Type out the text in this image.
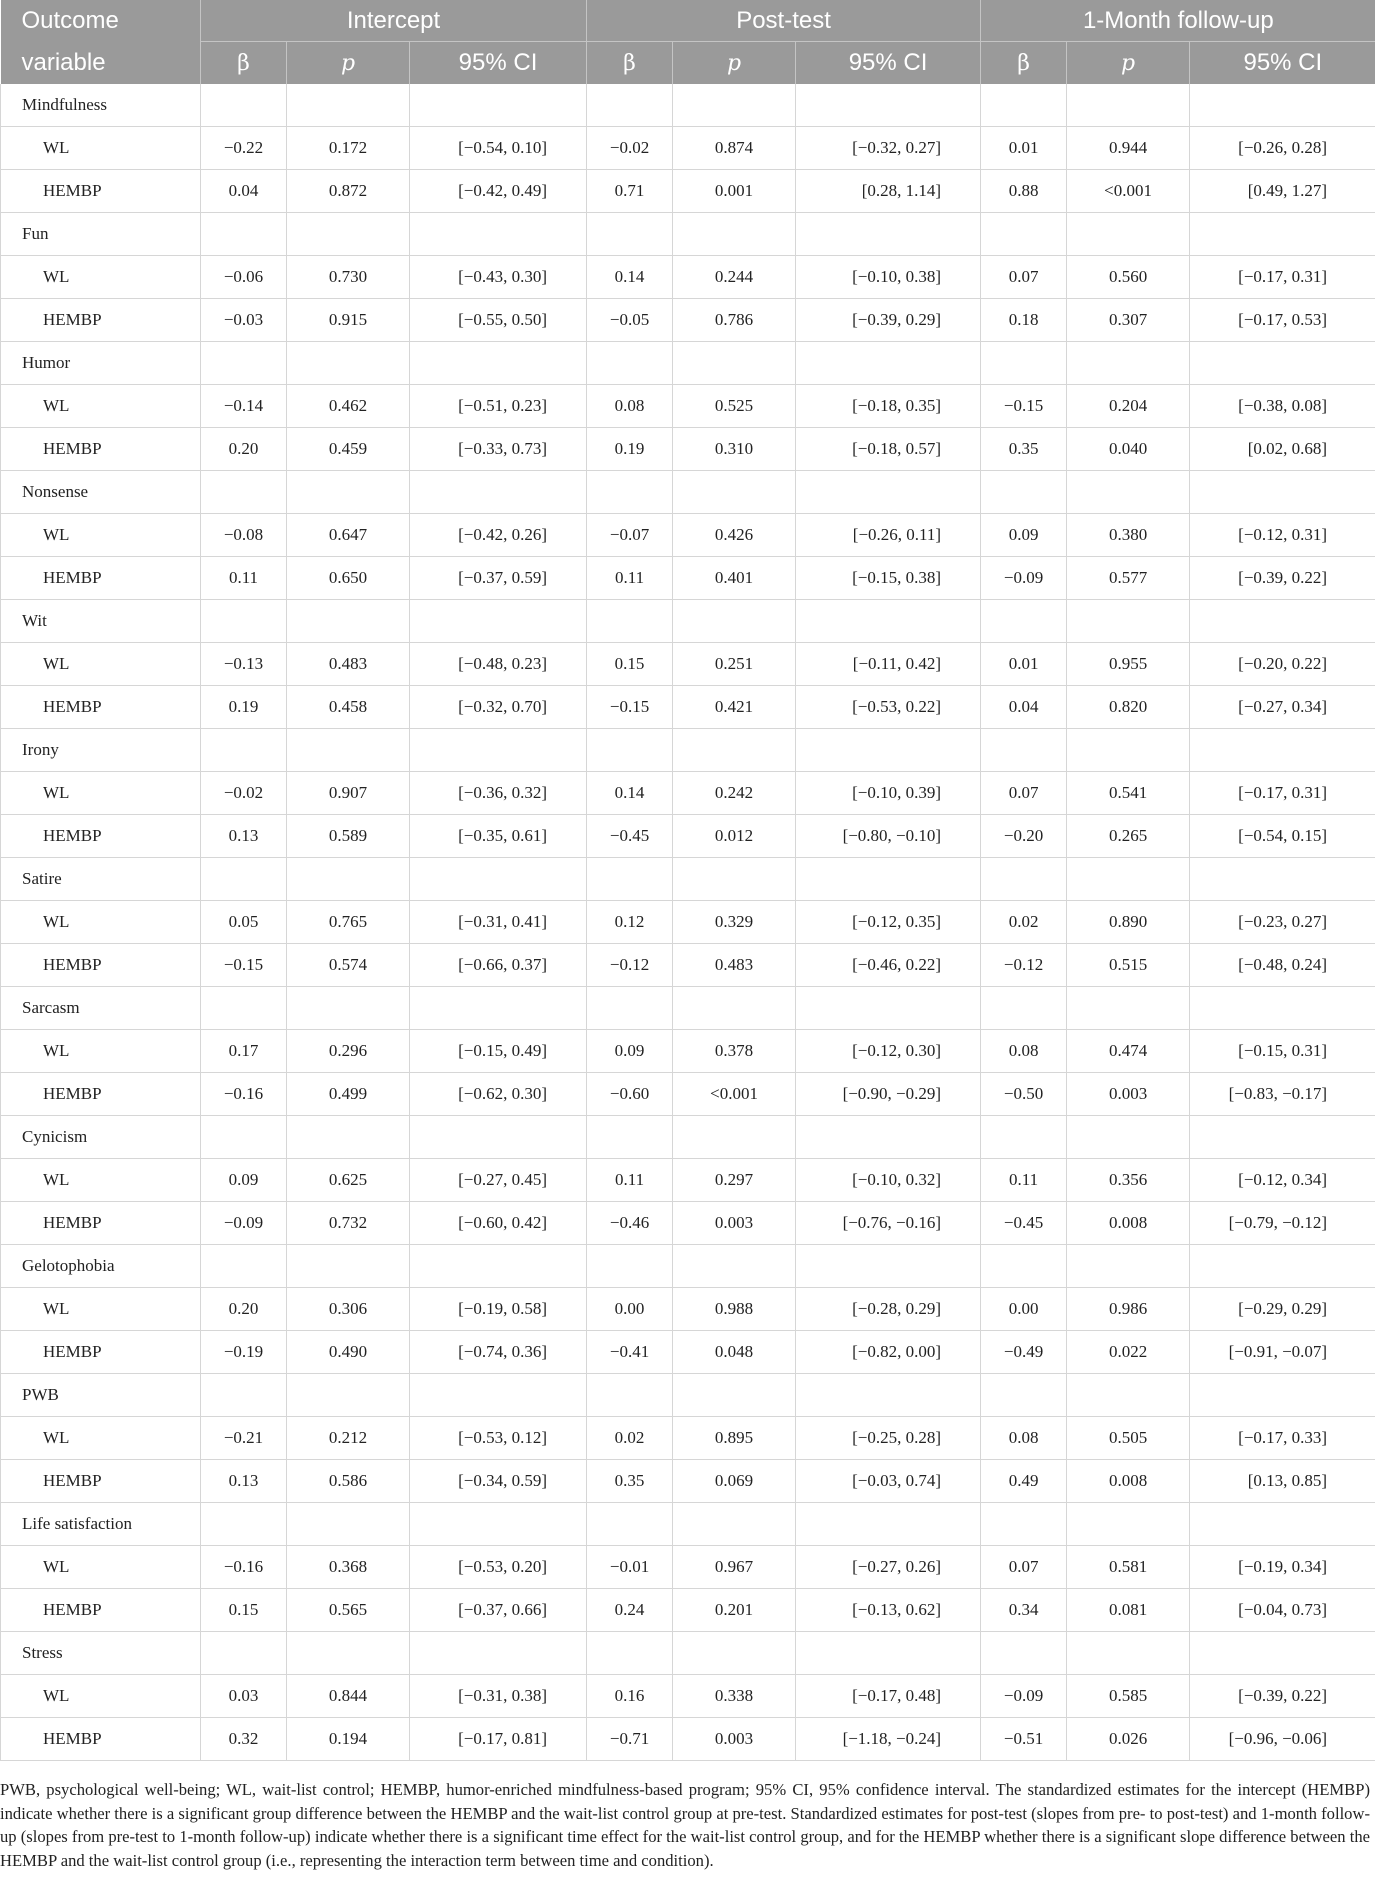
Outcome	Intercept			Post-test			1-Month follow-up		
variable	β	p	95% CI	β	p	95% CI	β	p	95% CI
Mindfulness									
WL	−0.22	0.172	[−0.54, 0.10]	−0.02	0.874	[−0.32, 0.27]	0.01	0.944	[−0.26, 0.28]
HEMBP	0.04	0.872	[−0.42, 0.49]	0.71	0.001	[0.28, 1.14]	0.88	<0.001	[0.49, 1.27]
Fun									
WL	−0.06	0.730	[−0.43, 0.30]	0.14	0.244	[−0.10, 0.38]	0.07	0.560	[−0.17, 0.31]
HEMBP	−0.03	0.915	[−0.55, 0.50]	−0.05	0.786	[−0.39, 0.29]	0.18	0.307	[−0.17, 0.53]
Humor									
WL	−0.14	0.462	[−0.51, 0.23]	0.08	0.525	[−0.18, 0.35]	−0.15	0.204	[−0.38, 0.08]
HEMBP	0.20	0.459	[−0.33, 0.73]	0.19	0.310	[−0.18, 0.57]	0.35	0.040	[0.02, 0.68]
Nonsense									
WL	−0.08	0.647	[−0.42, 0.26]	−0.07	0.426	[−0.26, 0.11]	0.09	0.380	[−0.12, 0.31]
HEMBP	0.11	0.650	[−0.37, 0.59]	0.11	0.401	[−0.15, 0.38]	−0.09	0.577	[−0.39, 0.22]
Wit									
WL	−0.13	0.483	[−0.48, 0.23]	0.15	0.251	[−0.11, 0.42]	0.01	0.955	[−0.20, 0.22]
HEMBP	0.19	0.458	[−0.32, 0.70]	−0.15	0.421	[−0.53, 0.22]	0.04	0.820	[−0.27, 0.34]
Irony									
WL	−0.02	0.907	[−0.36, 0.32]	0.14	0.242	[−0.10, 0.39]	0.07	0.541	[−0.17, 0.31]
HEMBP	0.13	0.589	[−0.35, 0.61]	−0.45	0.012	[−0.80, −0.10]	−0.20	0.265	[−0.54, 0.15]
Satire									
WL	0.05	0.765	[−0.31, 0.41]	0.12	0.329	[−0.12, 0.35]	0.02	0.890	[−0.23, 0.27]
HEMBP	−0.15	0.574	[−0.66, 0.37]	−0.12	0.483	[−0.46, 0.22]	−0.12	0.515	[−0.48, 0.24]
Sarcasm									
WL	0.17	0.296	[−0.15, 0.49]	0.09	0.378	[−0.12, 0.30]	0.08	0.474	[−0.15, 0.31]
HEMBP	−0.16	0.499	[−0.62, 0.30]	−0.60	<0.001	[−0.90, −0.29]	−0.50	0.003	[−0.83, −0.17]
Cynicism									
WL	0.09	0.625	[−0.27, 0.45]	0.11	0.297	[−0.10, 0.32]	0.11	0.356	[−0.12, 0.34]
HEMBP	−0.09	0.732	[−0.60, 0.42]	−0.46	0.003	[−0.76, −0.16]	−0.45	0.008	[−0.79, −0.12]
Gelotophobia									
WL	0.20	0.306	[−0.19, 0.58]	0.00	0.988	[−0.28, 0.29]	0.00	0.986	[−0.29, 0.29]
HEMBP	−0.19	0.490	[−0.74, 0.36]	−0.41	0.048	[−0.82, 0.00]	−0.49	0.022	[−0.91, −0.07]
PWB									
WL	−0.21	0.212	[−0.53, 0.12]	0.02	0.895	[−0.25, 0.28]	0.08	0.505	[−0.17, 0.33]
HEMBP	0.13	0.586	[−0.34, 0.59]	0.35	0.069	[−0.03, 0.74]	0.49	0.008	[0.13, 0.85]
Life satisfaction									
WL	−0.16	0.368	[−0.53, 0.20]	−0.01	0.967	[−0.27, 0.26]	0.07	0.581	[−0.19, 0.34]
HEMBP	0.15	0.565	[−0.37, 0.66]	0.24	0.201	[−0.13, 0.62]	0.34	0.081	[−0.04, 0.73]
Stress									
WL	0.03	0.844	[−0.31, 0.38]	0.16	0.338	[−0.17, 0.48]	−0.09	0.585	[−0.39, 0.22]
HEMBP	0.32	0.194	[−0.17, 0.81]	−0.71	0.003	[−1.18, −0.24]	−0.51	0.026	[−0.96, −0.06]

PWB, psychological well-being; WL, wait-list control; HEMBP, humor-enriched mindfulness-based program; 95% CI, 95% confidence interval. The standardized estimates for the intercept (HEMBP) indicate whether there is a significant group difference between the HEMBP and the wait-list control group at pre-test. Standardized estimates for post-test (slopes from pre- to post-test) and 1-month follow-up (slopes from pre-test to 1-month follow-up) indicate whether there is a significant time effect for the wait-list control group, and for the HEMBP whether there is a significant slope difference between the HEMBP and the wait-list control group (i.e., representing the interaction term between time and condition).
